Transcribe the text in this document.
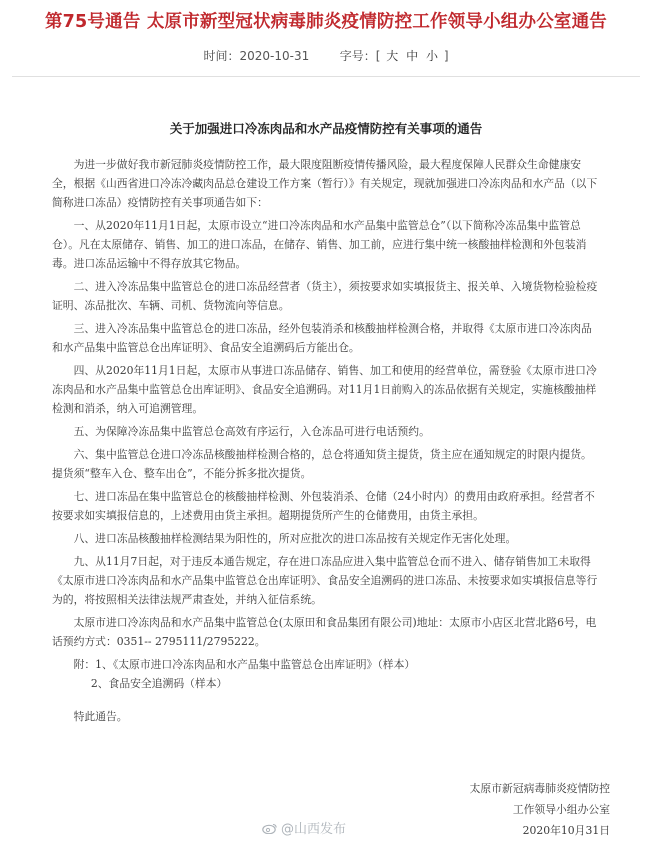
第75号通告 太原市新型冠状病毒肺炎疫情防控工作领导小组办公室通告
时间：2020-10-31	字号：[ 大 中 小 ]
关于加强进口冷冻肉品和水产品疫情防控有关事项的通告

为进一步做好我市新冠肺炎疫情防控工作，最大限度阻断疫情传播风险，最大程度保障人民群众生命健康安全，根据《山西省进口冷冻冷藏肉品总仓建设工作方案（暂行）》有关规定，现就加强进口冷冻肉品和水产品（以下简称进口冻品）疫情防控有关事项通告如下：

一、从2020年11月1日起，太原市设立“进口冷冻肉品和水产品集中监管总仓”（以下简称冷冻品集中监管总仓）。凡在太原储存、销售、加工的进口冻品，在储存、销售、加工前，应进行集中统一核酸抽样检测和外包装消毒。进口冻品运输中不得存放其它物品。

二、进入冷冻品集中监管总仓的进口冻品经营者（货主），须按要求如实填报货主、报关单、入境货物检验检疫证明、冻品批次、车辆、司机、货物流向等信息。

三、进入冷冻品集中监管总仓的进口冻品，经外包装消杀和核酸抽样检测合格，并取得《太原市进口冷冻肉品和水产品集中监管总仓出库证明》、食品安全追溯码后方能出仓。

四、从2020年11月1日起，太原市从事进口冻品储存、销售、加工和使用的经营单位，需登验《太原市进口冷冻肉品和水产品集中监管总仓出库证明》、食品安全追溯码。对11月1日前购入的冻品依据有关规定，实施核酸抽样检测和消杀，纳入可追溯管理。

五、为保障冷冻品集中监管总仓高效有序运行，入仓冻品可进行电话预约。

六、集中监管总仓进口冷冻品核酸抽样检测合格的，总仓将通知货主提货，货主应在通知规定的时限内提货。提货须“整车入仓、整车出仓”，不能分拆多批次提货。

七、进口冻品在集中监管总仓的核酸抽样检测、外包装消杀、仓储（24小时内）的费用由政府承担。经营者不按要求如实填报信息的，上述费用由货主承担。超期提货所产生的仓储费用，由货主承担。

八、进口冻品核酸抽样检测结果为阳性的，所对应批次的进口冻品按有关规定作无害化处理。

九、从11月7日起，对于违反本通告规定，存在进口冻品应进入集中监管总仓而不进入、储存销售加工未取得《太原市进口冷冻肉品和水产品集中监管总仓出库证明》、食品安全追溯码的进口冻品、未按要求如实填报信息等行为的，将按照相关法律法规严肃查处，并纳入征信系统。

太原市进口冷冻肉品和水产品集中监管总仓(太原田和食品集团有限公司)地址：太原市小店区北营北路6号，电话预约方式：0351-- 2795111/2795222。

附：1、《太原市进口冷冻肉品和水产品集中监管总仓出库证明》（样本）

2、食品安全追溯码（样本）

特此通告。

太原市新冠病毒肺炎疫情防控
工作领导小组办公室
2020年10月31日
@山西发布
